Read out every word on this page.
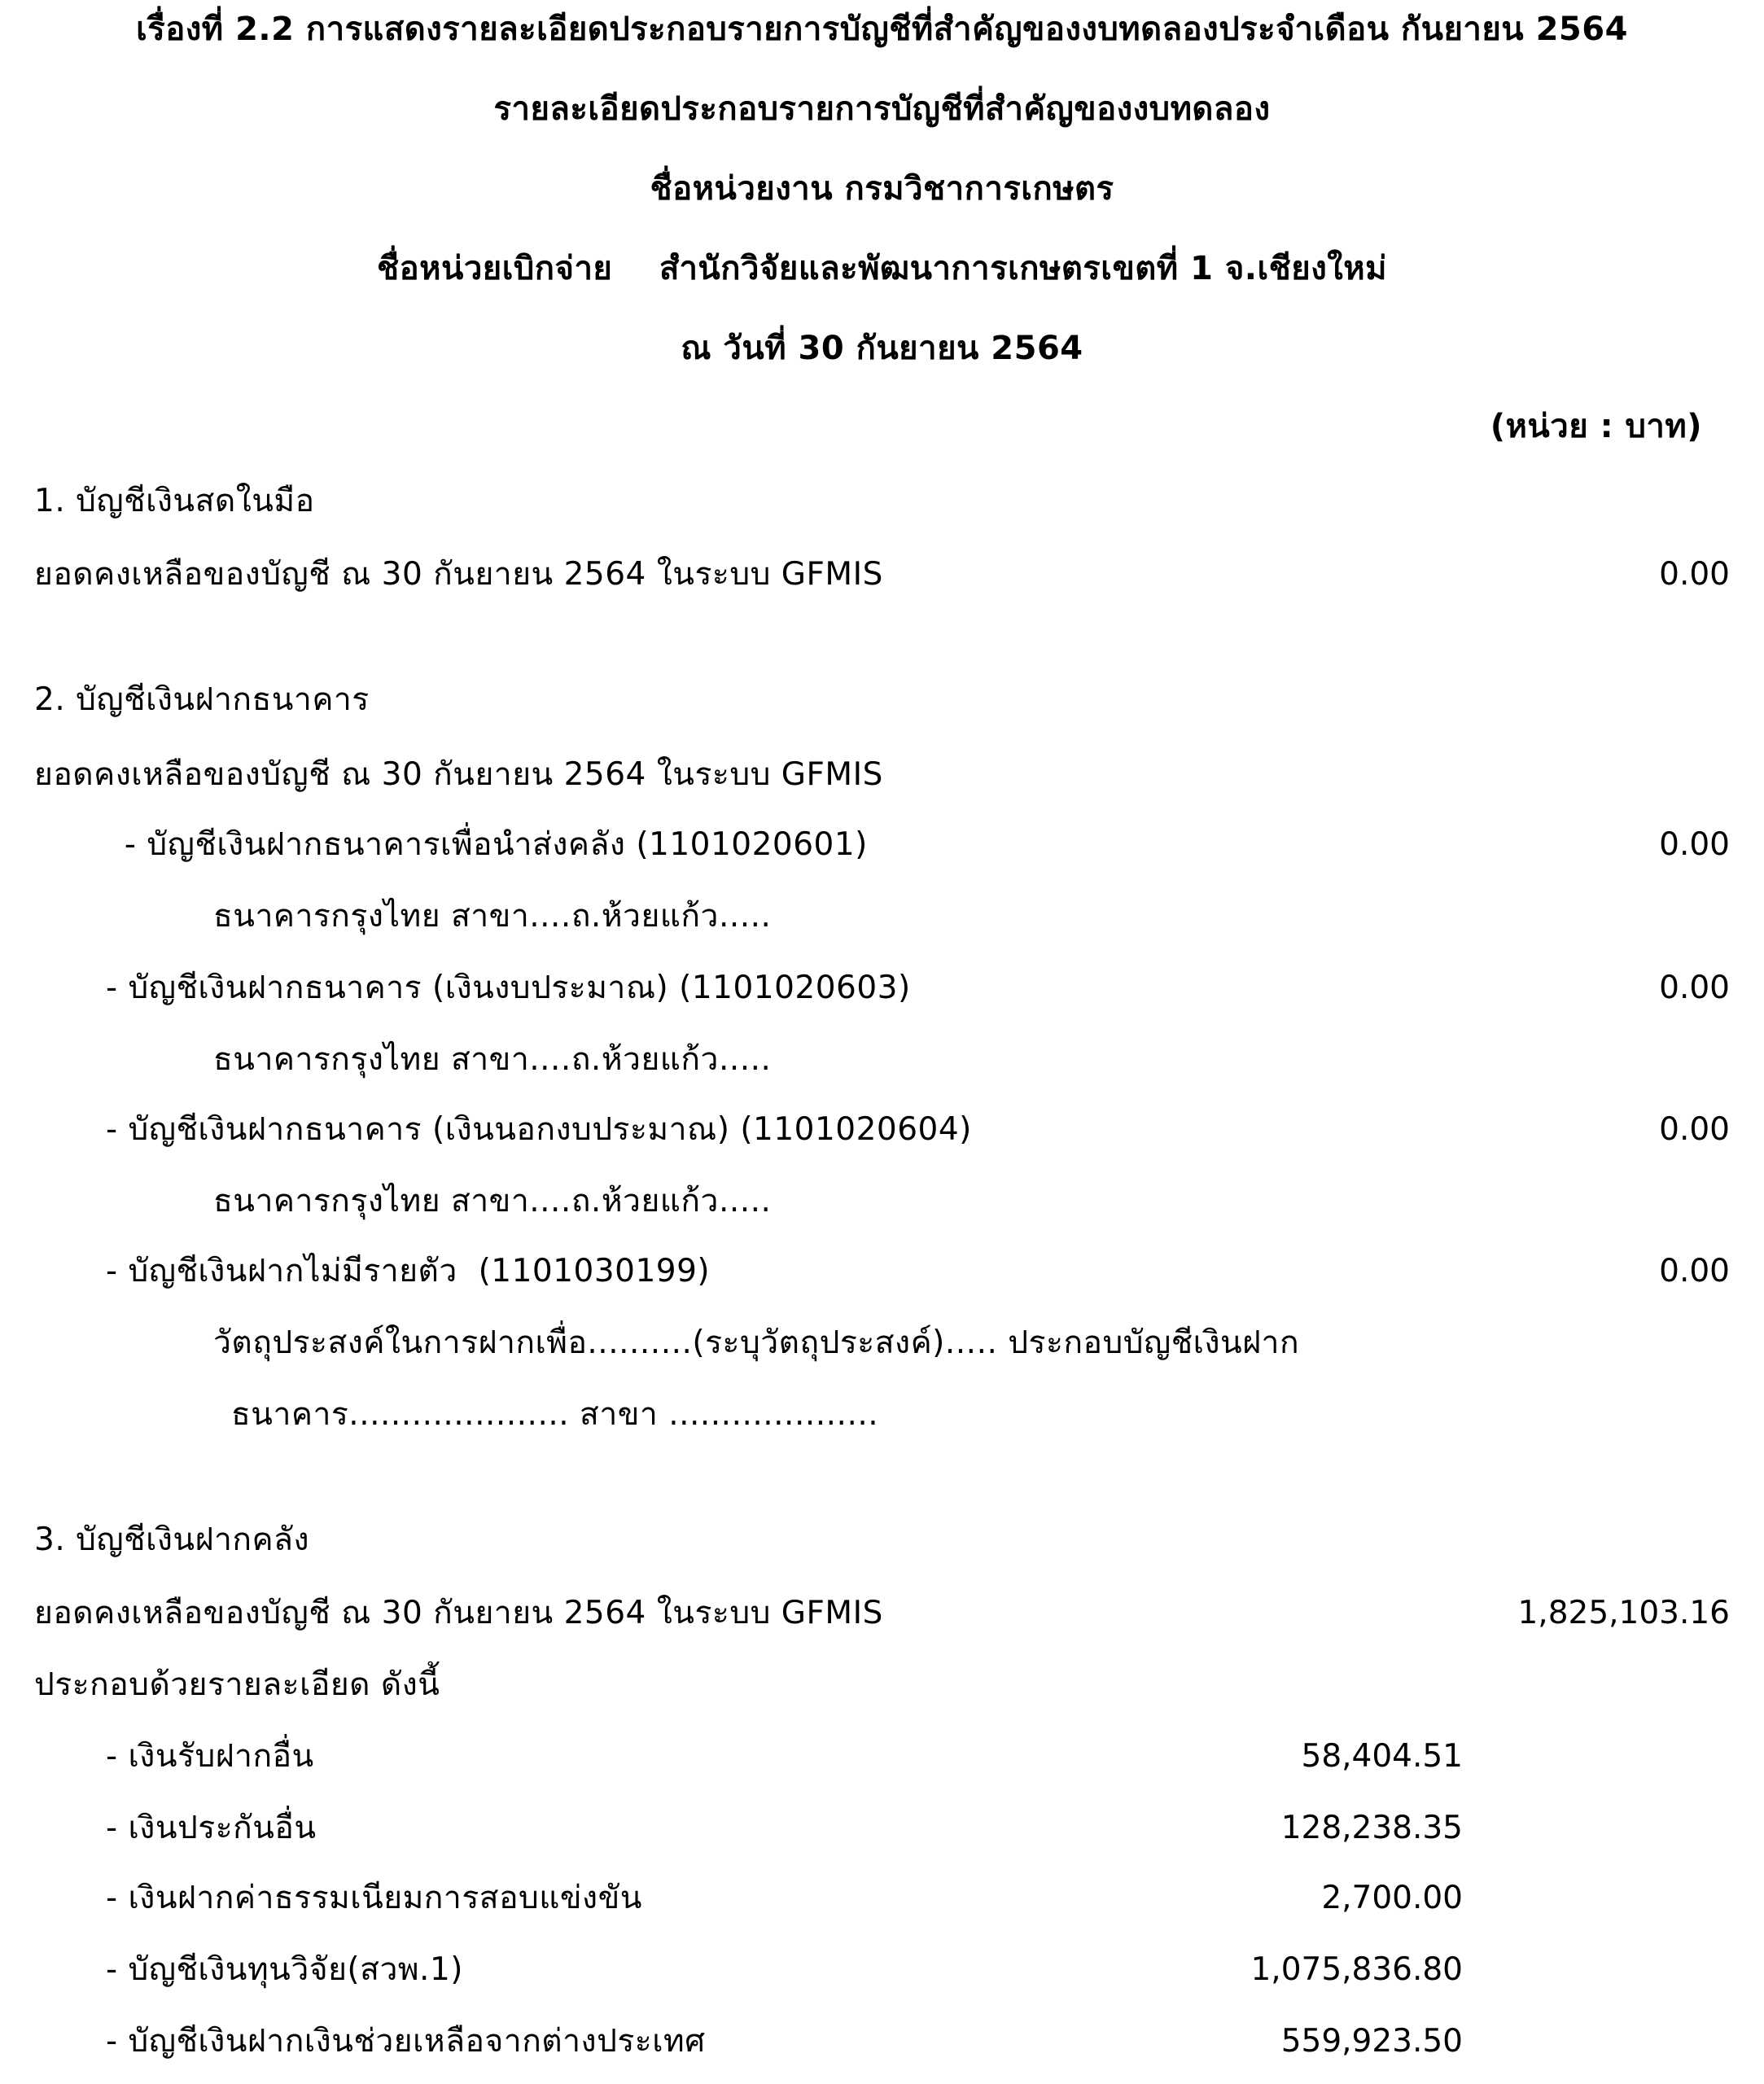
เรื่องที่ 2.2 การแสดงรายละเอียดประกอบรายการบัญชีที่สำคัญของงบทดลองประจำเดือน กันยายน 2564
รายละเอียดประกอบรายการบัญชีที่สำคัญของงบทดลอง
ชื่อหน่วยงาน กรมวิชาการเกษตร
ชื่อหน่วยเบิกจ่าย    สำนักวิจัยและพัฒนาการเกษตรเขตที่ 1 จ.เชียงใหม่
ณ วันที่ 30 กันยายน 2564
(หน่วย : บาท)
1. บัญชีเงินสดในมือ
ยอดคงเหลือของบัญชี ณ 30 กันยายน 2564 ในระบบ GFMIS	0.00
2. บัญชีเงินฝากธนาคาร
ยอดคงเหลือของบัญชี ณ 30 กันยายน 2564 ในระบบ GFMIS
- บัญชีเงินฝากธนาคารเพื่อนำส่งคลัง (1101020601)	0.00
ธนาคารกรุงไทย สาขา....ถ.ห้วยแก้ว.....
- บัญชีเงินฝากธนาคาร (เงินงบประมาณ) (1101020603)	0.00
ธนาคารกรุงไทย สาขา....ถ.ห้วยแก้ว.....
- บัญชีเงินฝากธนาคาร (เงินนอกงบประมาณ) (1101020604)	0.00
ธนาคารกรุงไทย สาขา....ถ.ห้วยแก้ว.....
- บัญชีเงินฝากไม่มีรายตัว  (1101030199)	0.00
วัตถุประสงค์ในการฝากเพื่อ..........(ระบุวัตถุประสงค์)..... ประกอบบัญชีเงินฝาก
ธนาคาร..................... สาขา ....................
3. บัญชีเงินฝากคลัง
ยอดคงเหลือของบัญชี ณ 30 กันยายน 2564 ในระบบ GFMIS	1,825,103.16
ประกอบด้วยรายละเอียด ดังนี้
- เงินรับฝากอื่น	58,404.51
- เงินประกันอื่น	128,238.35
- เงินฝากค่าธรรมเนียมการสอบแข่งขัน	2,700.00
- บัญชีเงินทุนวิจัย(สวพ.1)	1,075,836.80
- บัญชีเงินฝากเงินช่วยเหลือจากต่างประเทศ	559,923.50
